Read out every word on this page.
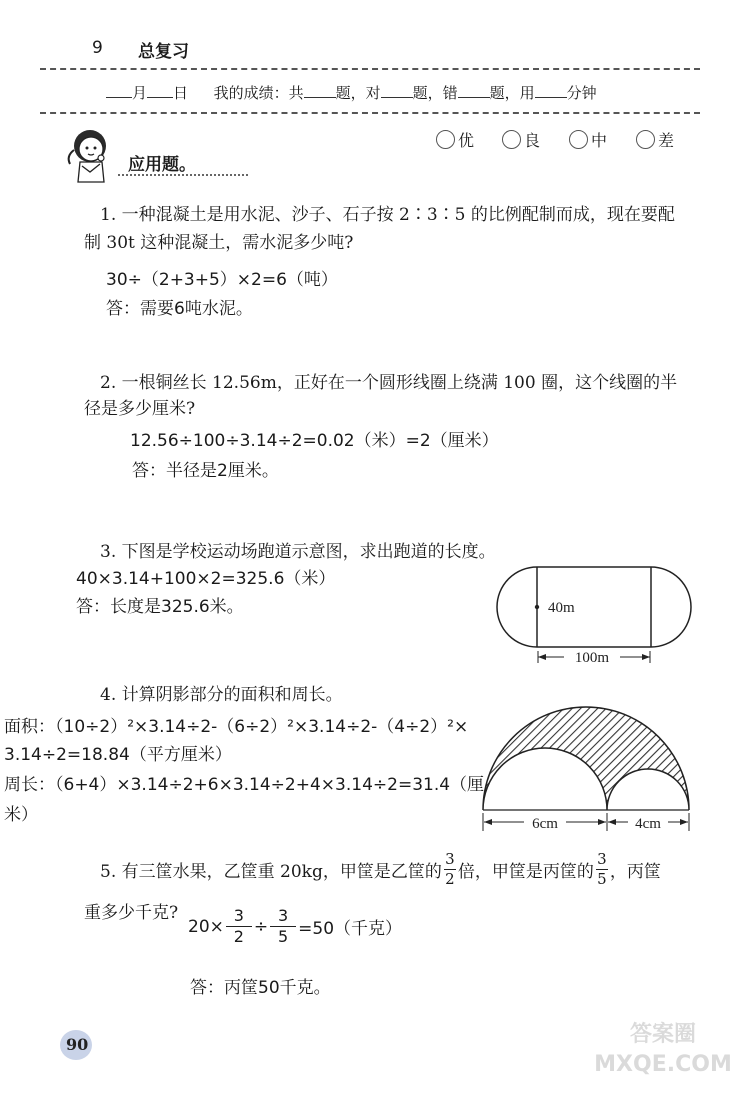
9 总复习
月 日 我的成绩：共 题，对 题，错 题，用 分钟
应用题。
优	良	中	差
1. 一种混凝土是用水泥、沙子、石子按 2∶3∶5 的比例配制而成，现在要配
制 30t 这种混凝土，需水泥多少吨?
30÷（2+3+5）×2=6（吨）
答：需要6吨水泥。
2. 一根铜丝长 12.56m，正好在一个圆形线圈上绕满 100 圈，这个线圈的半
径是多少厘米?
12.56÷100÷3.14÷2=0.02（米）=2（厘米）
答：半径是2厘米。
3. 下图是学校运动场跑道示意图，求出跑道的长度。
40×3.14+100×2=325.6（米）
答：长度是325.6米。	40m
100m
4. 计算阴影部分的面积和周长。
面积：（10÷2）²×3.14÷2-（6÷2）²×3.14÷2-（4÷2）²×
3.14÷2=18.84（平方厘米）
周长：（6+4）×3.14÷2+6×3.14÷2+4×3.14÷2=31.4（厘
米）	6cm	4cm
5. 有三筐水果，乙筐重 20kg，甲筐是乙筐的 $\frac{3}{2}$ 倍，甲筐是丙筐的 $\frac{3}{5}$ ，丙筐
重多少千克?
$20\times \frac{3}{2} \div \frac{3}{5} =50$（千克）
答：丙筐50千克。
90	答案圈 MXQE.COM
